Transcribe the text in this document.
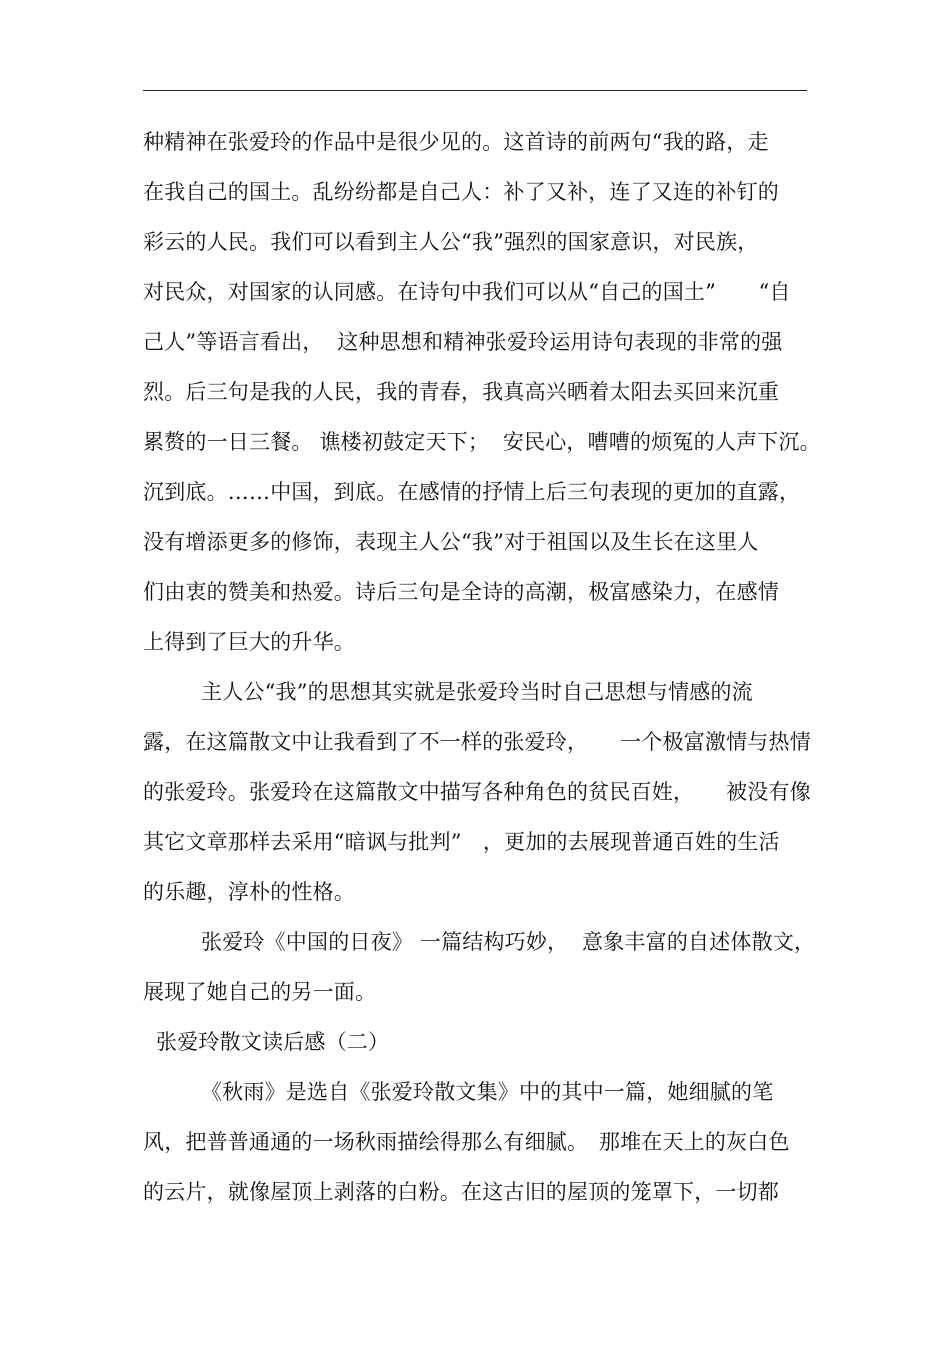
种精神在张爱玲的作品中是很少见的。这首诗的前两句“我的路，走
在我自己的国土。乱纷纷都是自己人：补了又补，连了又连的补钉的
彩云的人民。我们可以看到主人公“我”强烈的国家意识，对民族，
对民众，对国家的认同感。在诗句中我们可以从“自己的国土”　　“自
己人”等语言看出，  这种思想和精神张爱玲运用诗句表现的非常的强
烈。后三句是我的人民，我的青春，我真高兴晒着太阳去买回来沉重
累赘的一日三餐。 谯楼初鼓定天下；  安民心，嘈嘈的烦冤的人声下沉。
沉到底。……中国，到底。在感情的抒情上后三句表现的更加的直露，
没有增添更多的修饰，表现主人公“我”对于祖国以及生长在这里人
们由衷的赞美和热爱。诗后三句是全诗的高潮，极富感染力，在感情
上得到了巨大的升华。
主人公“我”的思想其实就是张爱玲当时自己思想与情感的流
露，在这篇散文中让我看到了不一样的张爱玲，　　一个极富激情与热情
的张爱玲。张爱玲在这篇散文中描写各种角色的贫民百姓，　　被没有像
其它文章那样去采用“暗讽与批判”　，更加的去展现普通百姓的生活
的乐趣，淳朴的性格。
张爱玲《中国的日夜》 一篇结构巧妙，  意象丰富的自述体散文，
展现了她自己的另一面。
张爱玲散文读后感（二）
《秋雨》是选自《张爱玲散文集》中的其中一篇，她细腻的笔
风，把普普通通的一场秋雨描绘得那么有细腻。　那堆在天上的灰白色
的云片，就像屋顶上剥落的白粉。在这古旧的屋顶的笼罩下，一切都
